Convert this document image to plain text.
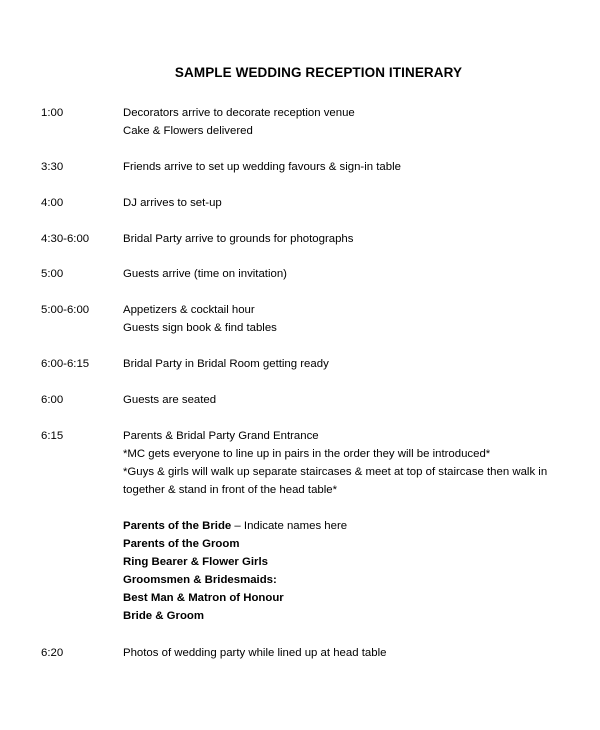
SAMPLE WEDDING RECEPTION ITINERARY
1:00	Decorators arrive to decorate reception venue
Cake & Flowers delivered
3:30	Friends arrive to set up wedding favours & sign-in table
4:00	DJ arrives to set-up
4:30-6:00	Bridal Party arrive to grounds for photographs
5:00	Guests arrive (time on invitation)
5:00-6:00	Appetizers & cocktail hour
Guests sign book & find tables
6:00-6:15	Bridal Party in Bridal Room getting ready
6:00	Guests are seated
6:15	Parents & Bridal Party Grand Entrance
*MC gets everyone to line up in pairs in the order they will be introduced*
*Guys & girls will walk up separate staircases & meet at top of staircase then walk in together & stand in front of the head table*
Parents of the Bride – Indicate names here
Parents of the Groom
Ring Bearer & Flower Girls
Groomsmen & Bridesmaids:
Best Man & Matron of Honour
Bride & Groom
6:20	Photos of wedding party while lined up at head table
